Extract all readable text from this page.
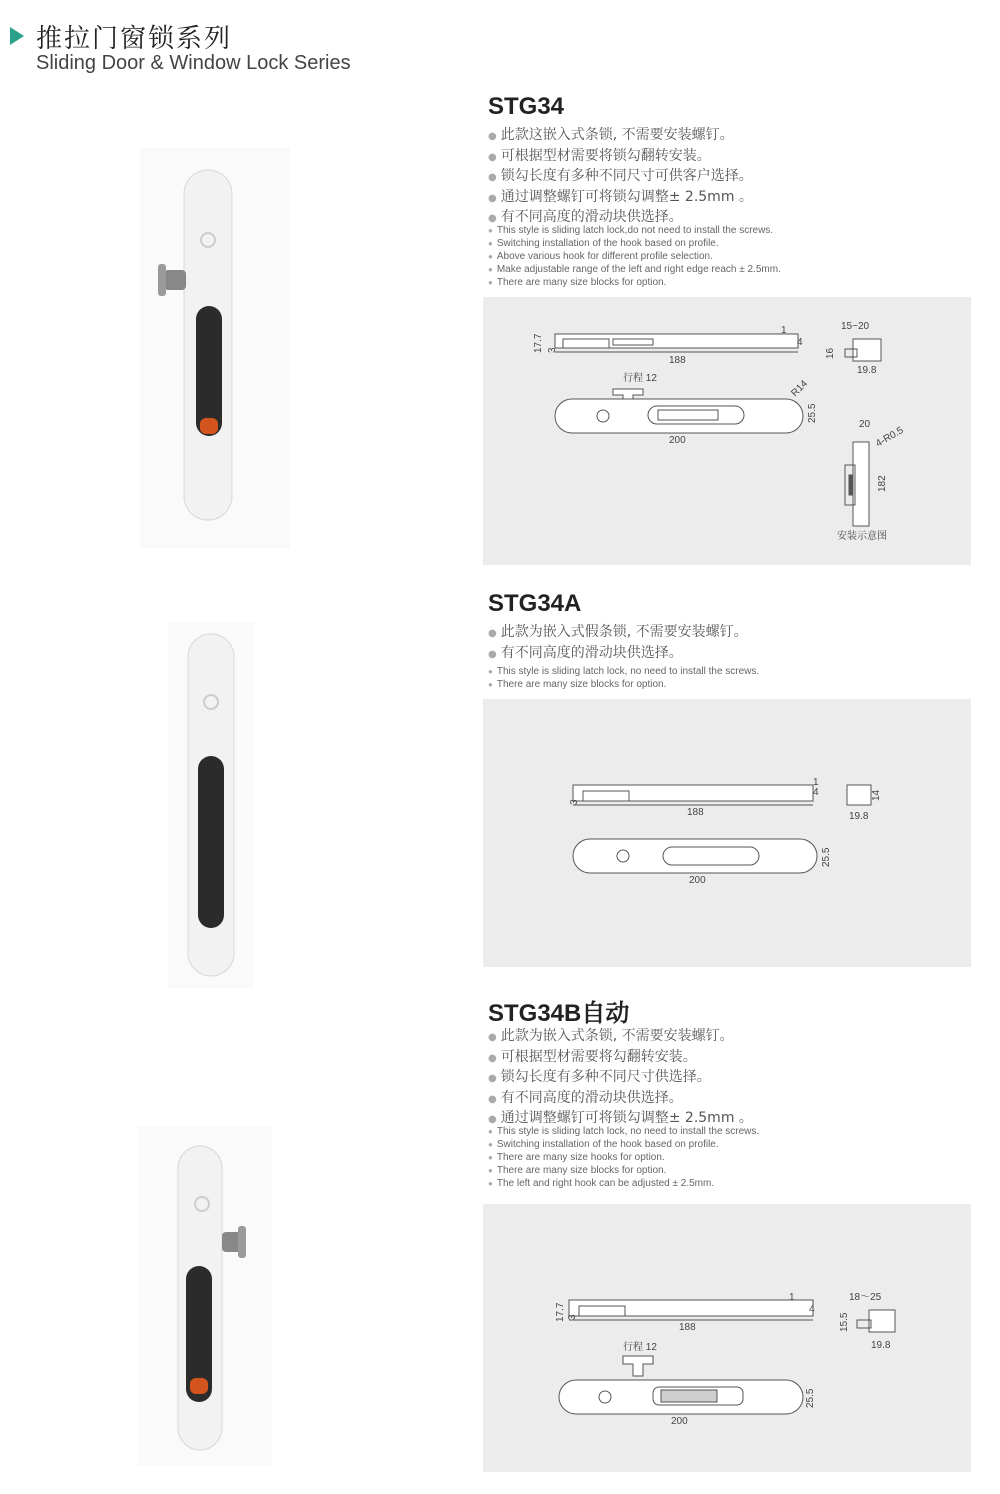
推拉门窗锁系列
Sliding Door & Window Lock Series
STG34
● 此款这嵌入式条锁, 不需要安装螺钉。
● 可根据型材需要将锁勾翻转安装。
● 锁勾长度有多种不同尺寸可供客户选择。
● 通过调整螺钉可将锁勾调整± 2.5mm 。
● 有不同高度的滑动块供选择。
● This style is sliding latch lock,do not need to install the screws.
● Switching installation of the hook based on profile.
● Above various hook for different profile selection.
● Make adjustable range of the left and right edge reach ± 2.5mm.
● There are many size blocks for option.
17.7 3
188
1
4
15~20
16
19.8
行程 12
200
R14
25.5
20
4-R0.5
182
安装示意图
STG34A
● 此款为嵌入式假条锁, 不需要安装螺钉。
● 有不同高度的滑动块供选择。
● This style is sliding latch lock, no need to install the screws.
● There are many size blocks for option.
3
188
1
4	14
19.8
200
25.5
STG34B自动
● 此款为嵌入式条锁, 不需要安装螺钉。
● 可根据型材需要将勾翻转安装。
● 锁勾长度有多种不同尺寸供选择。
● 有不同高度的滑动块供选择。
● 通过调整螺钉可将锁勾调整± 2.5mm 。
● This style is sliding latch lock, no need to install the screws.
● Switching installation of the hook based on profile.
● There are many size hooks for option.
● There are many size blocks for option.
● The left and right hook can be adjusted ± 2.5mm.
17.7 3
188
1
4
18～25
15.5
19.8
行程 12
200
25.5
